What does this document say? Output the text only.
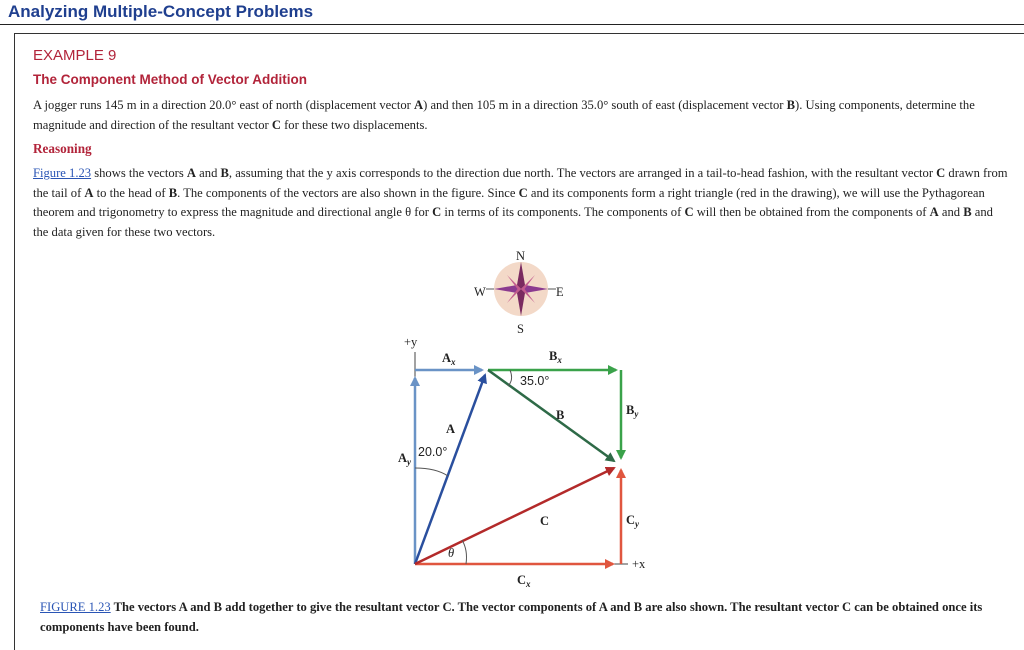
Analyzing Multiple-Concept Problems
EXAMPLE 9
The Component Method of Vector Addition
A jogger runs 145 m in a direction 20.0° east of north (displacement vector A) and then 105 m in a direction 35.0° south of east (displacement vector B). Using components, determine the magnitude and direction of the resultant vector C for these two displacements.
Reasoning
Figure 1.23 shows the vectors A and B, assuming that the y axis corresponds to the direction due north. The vectors are arranged in a tail-to-head fashion, with the resultant vector C drawn from the tail of A to the head of B. The components of the vectors are also shown in the figure. Since C and its components form a right triangle (red in the drawing), we will use the Pythagorean theorem and trigonometry to express the magnitude and directional angle θ for C in terms of its components. The components of C will then be obtained from the components of A and B and the data given for these two vectors.
N
S
E
W
+y
+x
$A_x$
$A_y$
A
$B_x$
$B_y$
B
C
$C_x$
$C_y$
20.0°
35.0°
θ
FIGURE 1.23 The vectors A and B add together to give the resultant vector C. The vector components of A and B are also shown. The resultant vector C can be obtained once its components have been found.
